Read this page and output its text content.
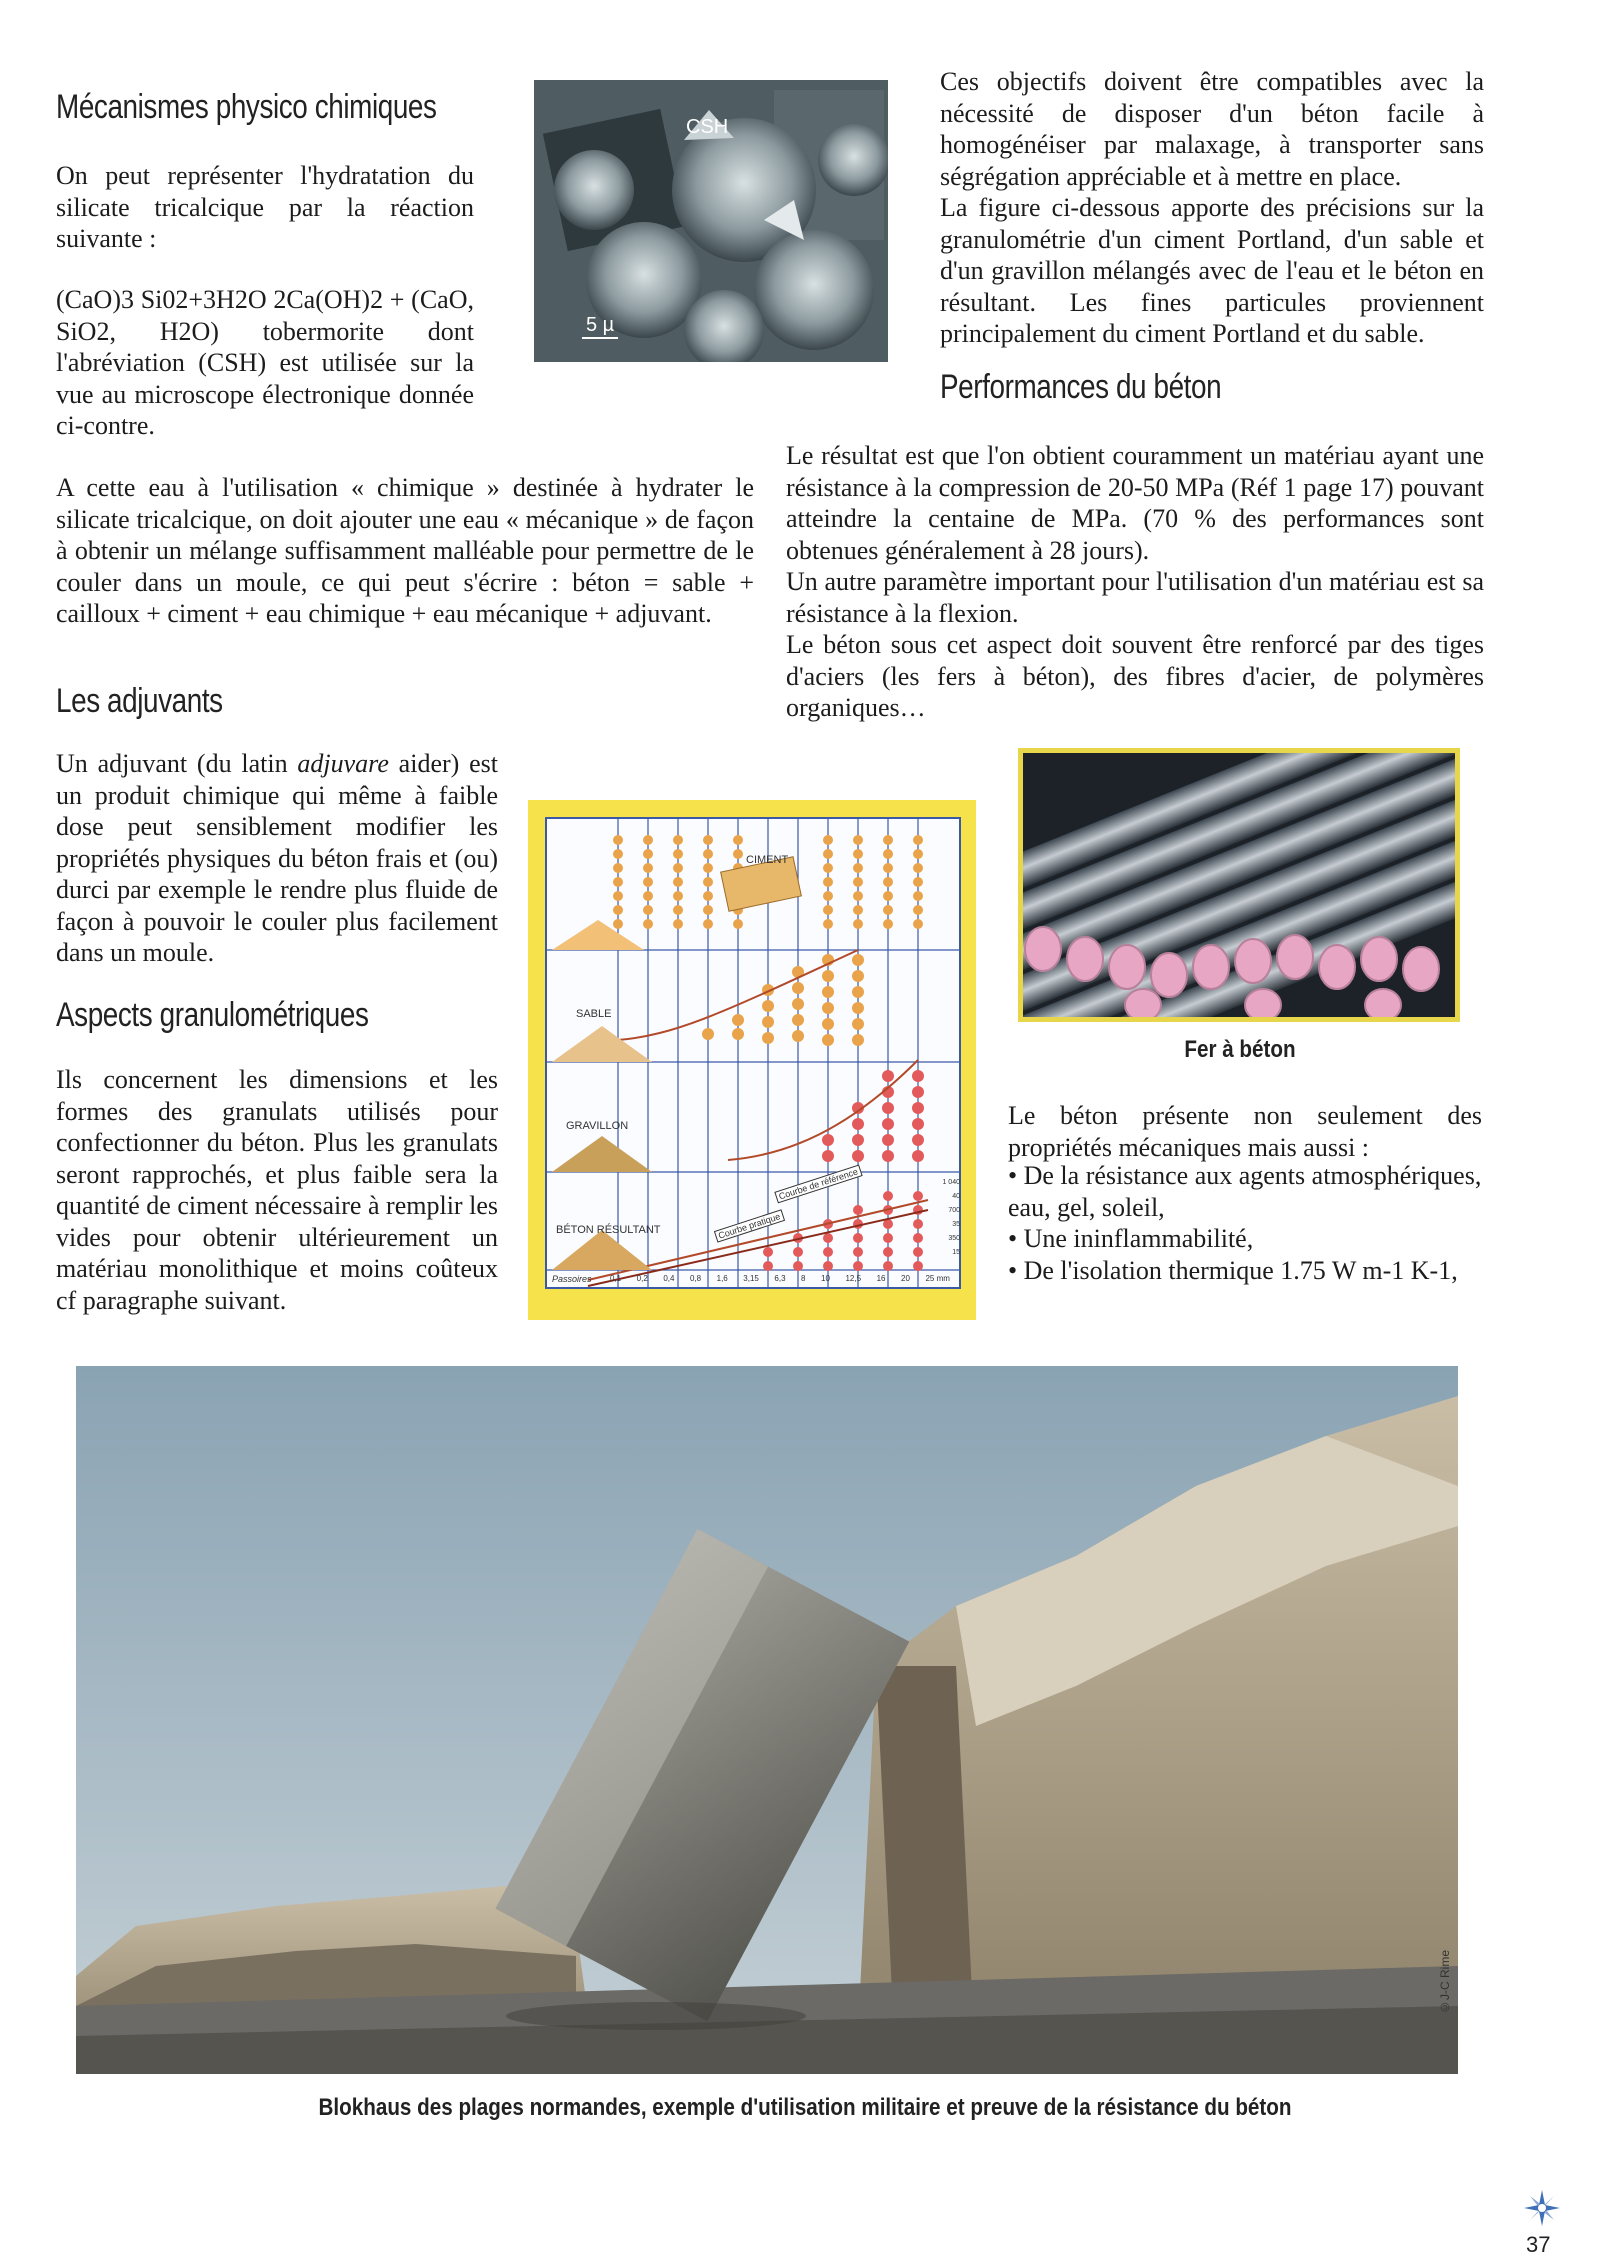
Mécanismes physico chimiques

On peut représenter l'hydratation du silicate tricalcique par la réaction suivante :

(CaO)3 Si02+3H2O 2Ca(OH)2 + (CaO, SiO2, H2O) tobermorite dont l'abréviation (CSH) est utilisée sur la vue au microscope électronique donnée ci-contre.

CSH
5 µ

A cette eau à l'utilisation « chimique » destinée à hydrater le silicate tricalcique, on doit ajouter une eau « mécanique » de façon à obtenir un mélange suffisamment malléable pour permettre de le couler dans un moule, ce qui peut s'écrire : béton = sable + cailloux + ciment + eau chimique + eau mécanique + adjuvant.

Ces objectifs doivent être compatibles avec la nécessité de disposer d'un béton facile à homogénéiser par malaxage, à transporter sans ségrégation appréciable et à mettre en place.

La figure ci-dessous apporte des précisions sur la granulométrie d'un ciment Portland, d'un sable et d'un gravillon mélangés avec de l'eau et le béton en résultant. Les fines particules proviennent principalement du ciment Portland et du sable.

Performances du béton

Le résultat est que l'on obtient couramment un matériau ayant une résistance à la compression de 20-50 MPa (Réf 1 page 17) pouvant atteindre la centaine de MPa. (70 % des performances sont obtenues généralement à 28 jours).

Un autre paramètre important pour l'utilisation d'un matériau est sa résistance à la flexion.

Le béton sous cet aspect doit souvent être renforcé par des tiges d'aciers (les fers à béton), des fibres d'acier, de polymères organiques…

Les adjuvants

Un adjuvant (du latin adjuvare aider) est un produit chimique qui même à faible dose peut sensiblement modifier les propriétés physiques du béton frais et (ou) durci par exemple le rendre plus fluide de façon à pouvoir le couler plus facilement dans un moule.

Aspects granulométriques

Ils concernent les dimensions et les formes des granulats utilisés pour confectionner du béton. Plus les granulats seront rapprochés, et plus faible sera la quantité de ciment nécessaire à remplir les vides pour obtenir ultérieurement un matériau monolithique et moins coûteux cf paragraphe suivant.

CIMENT
SABLE
GRAVILLON
BÉTON RÉSULTANT
Courbe de référence
Courbe pratique
Passoires 0,1 0,2 0,4 0,8 1,6 3,15 6,3 8 10 12,5 16 20 25 mm
1 040
40
700
35
350
15
Fer à béton

Le béton présente non seulement des propriétés mécaniques mais aussi :

• De la résistance aux agents atmosphériques, eau, gel, soleil,
• Une ininflammabilité,
• De l'isolation thermique 1.75 W m-1 K-1,
©J-C Rime
Blokhaus des plages normandes, exemple d'utilisation militaire et preuve de la résistance du béton
37
